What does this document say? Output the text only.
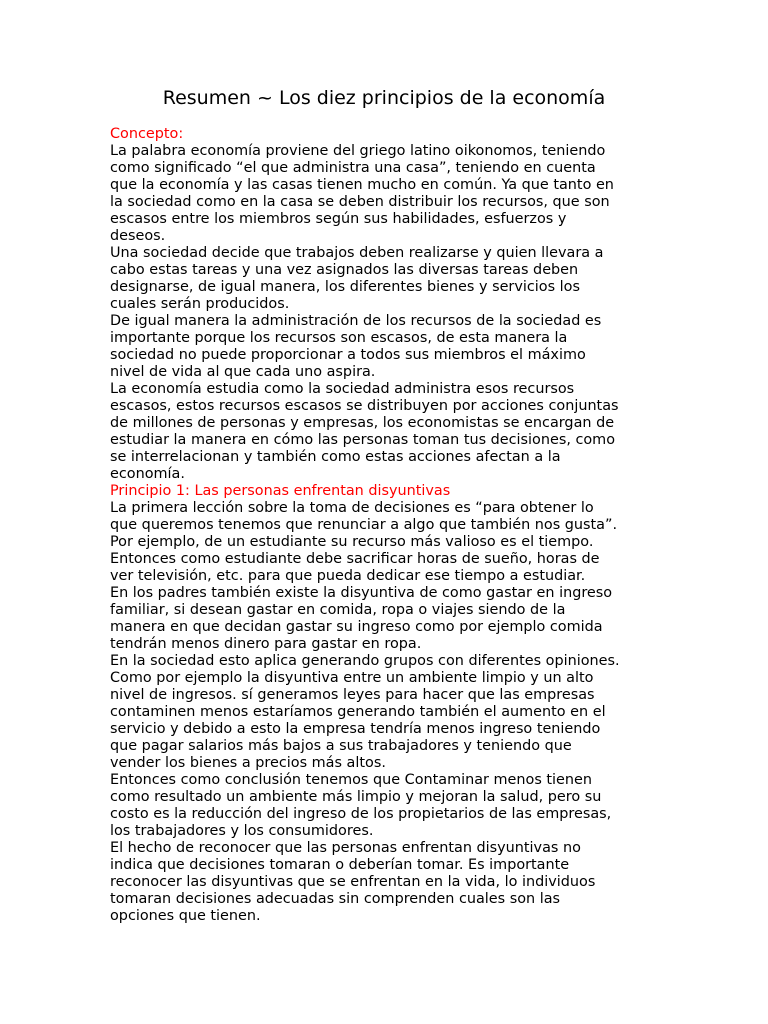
Resumen ~ Los diez principios de la economía
Concepto:
La palabra economía proviene del griego latino oikonomos, teniendo
como significado “el que administra una casa”, teniendo en cuenta
que la economía y las casas tienen mucho en común. Ya que tanto en
la sociedad como en la casa se deben distribuir los recursos, que son
escasos entre los miembros según sus habilidades, esfuerzos y
deseos.
Una sociedad decide que trabajos deben realizarse y quien llevara a
cabo estas tareas y una vez asignados las diversas tareas deben
designarse, de igual manera, los diferentes bienes y servicios los
cuales serán producidos.
De igual manera la administración de los recursos de la sociedad es
importante porque los recursos son escasos, de esta manera la
sociedad no puede proporcionar a todos sus miembros el máximo
nivel de vida al que cada uno aspira.
La economía estudia como la sociedad administra esos recursos
escasos, estos recursos escasos se distribuyen por acciones conjuntas
de millones de personas y empresas, los economistas se encargan de
estudiar la manera en cómo las personas toman tus decisiones, como
se interrelacionan y también como estas acciones afectan a la
economía.
Principio 1: Las personas enfrentan disyuntivas
La primera lección sobre la toma de decisiones es “para obtener lo
que queremos tenemos que renunciar a algo que también nos gusta”.
Por ejemplo, de un estudiante su recurso más valioso es el tiempo.
Entonces como estudiante debe sacrificar horas de sueño, horas de
ver televisión, etc. para que pueda dedicar ese tiempo a estudiar.
En los padres también existe la disyuntiva de como gastar en ingreso
familiar, si desean gastar en comida, ropa o viajes siendo de la
manera en que decidan gastar su ingreso como por ejemplo comida
tendrán menos dinero para gastar en ropa.
En la sociedad esto aplica generando grupos con diferentes opiniones.
Como por ejemplo la disyuntiva entre un ambiente limpio y un alto
nivel de ingresos. sí generamos leyes para hacer que las empresas
contaminen menos estaríamos generando también el aumento en el
servicio y debido a esto la empresa tendría menos ingreso teniendo
que pagar salarios más bajos a sus trabajadores y teniendo que
vender los bienes a precios más altos.
Entonces como conclusión tenemos que Contaminar menos tienen
como resultado un ambiente más limpio y mejoran la salud, pero su
costo es la reducción del ingreso de los propietarios de las empresas,
los trabajadores y los consumidores.
El hecho de reconocer que las personas enfrentan disyuntivas no
indica que decisiones tomaran o deberían tomar. Es importante
reconocer las disyuntivas que se enfrentan en la vida, lo individuos
tomaran decisiones adecuadas sin comprenden cuales son las
opciones que tienen.
